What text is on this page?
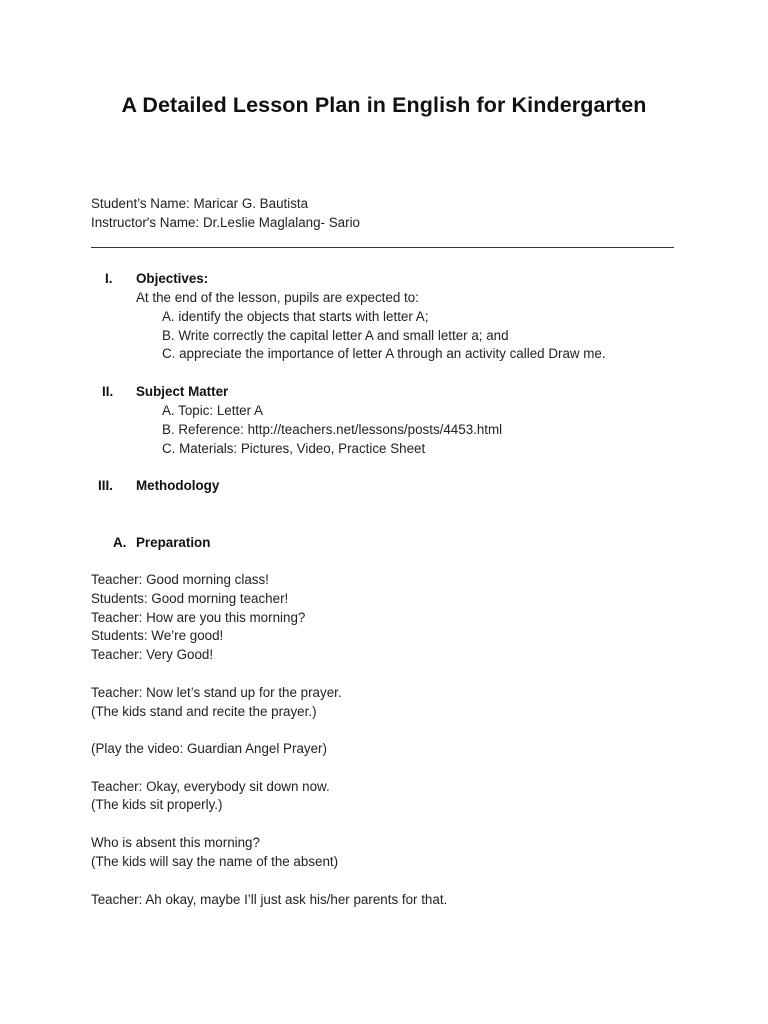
A Detailed Lesson Plan in English for Kindergarten
Student’s Name: Maricar G. Bautista
Instructor's Name: Dr.Leslie Maglalang- Sario
I. Objectives:
At the end of the lesson, pupils are expected to:
A. identify the objects that starts with letter A;
B. Write correctly the capital letter A and small letter a; and
C. appreciate the importance of letter A through an activity called Draw me.
II. Subject Matter
A. Topic: Letter A
B. Reference: http://teachers.net/lessons/posts/4453.html
C. Materials: Pictures, Video, Practice Sheet
III. Methodology
A. Preparation
Teacher: Good morning class!
Students: Good morning teacher!
Teacher: How are you this morning?
Students: We’re good!
Teacher: Very Good!
Teacher: Now let’s stand up for the prayer.
(The kids stand and recite the prayer.)
(Play the video: Guardian Angel Prayer)
Teacher: Okay, everybody sit down now.
(The kids sit properly.)
Who is absent this morning?
(The kids will say the name of the absent)
Teacher: Ah okay, maybe I’ll just ask his/her parents for that.
